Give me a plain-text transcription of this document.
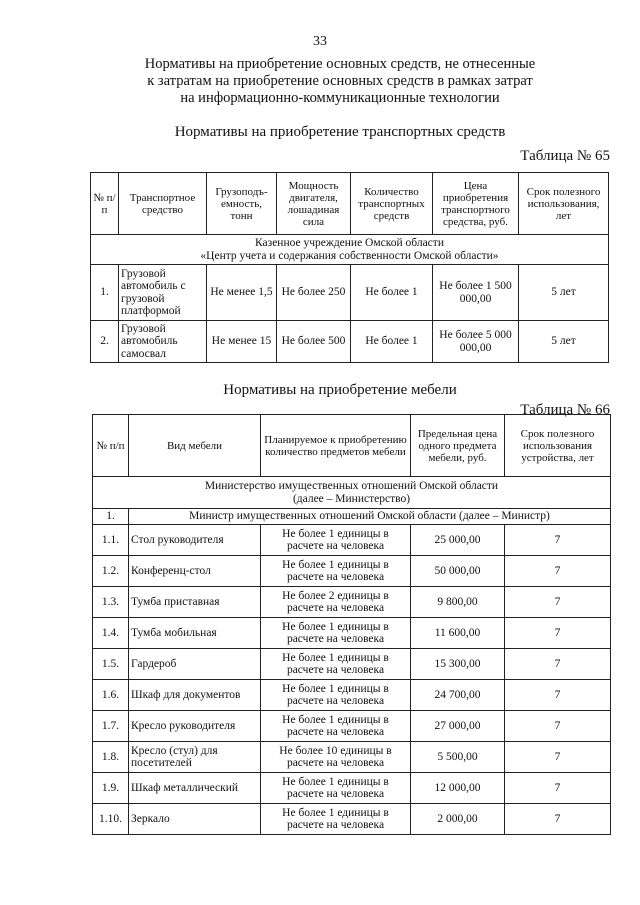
33
Нормативы на приобретение основных средств, не отнесенные
к затратам на приобретение основных средств в рамках затрат
на информационно-коммуникационные технологии
Нормативы на приобретение транспортных средств
Таблица № 65
№ п/п	Транспортное средство	Грузоподъ-емность, тонн	Мощность двигателя, лошадиная сила	Количество транспортных средств	Цена приобретения транспортного средства, руб.	Срок полезного использования, лет

Казенное учреждение Омской области
«Центр учета и содержания собственности Омской области»						

1.	Грузовой автомобиль с грузовой платформой	Не менее 1,5	Не более 250	Не более 1	Не более 1 500 000,00	5 лет
2.	Грузовой автомобиль самосвал	Не менее 15	Не более 500	Не более 1	Не более 5 000 000,00	5 лет
Нормативы на приобретение мебели
Таблица № 66
№ п/п	Вид мебели	Планируемое к приобретению количество предметов мебели	Предельная цена одного предмета мебели, руб.	Срок полезного использования устройства, лет

Министерство имущественных отношений Омской области
(далее – Министерство)				

1.	Министр имущественных отношений Омской области (далее – Министр)			
1.1.	Стол руководителя	Не более 1 единицы в расчете на человека	25 000,00	7
1.2.	Конференц-стол	Не более 1 единицы в расчете на человека	50 000,00	7
1.3.	Тумба приставная	Не более 2 единицы в расчете на человека	9 800,00	7
1.4.	Тумба мобильная	Не более 1 единицы в расчете на человека	11 600,00	7
1.5.	Гардероб	Не более 1 единицы в расчете на человека	15 300,00	7
1.6.	Шкаф для документов	Не более 1 единицы в расчете на человека	24 700,00	7
1.7.	Кресло руководителя	Не более 1 единицы в расчете на человека	27 000,00	7
1.8.	Кресло (стул) для посетителей	Не более 10 единицы в расчете на человека	5 500,00	7
1.9.	Шкаф металлический	Не более 1 единицы в расчете на человека	12 000,00	7
1.10.	Зеркало	Не более 1 единицы в расчете на человека	2 000,00	7
